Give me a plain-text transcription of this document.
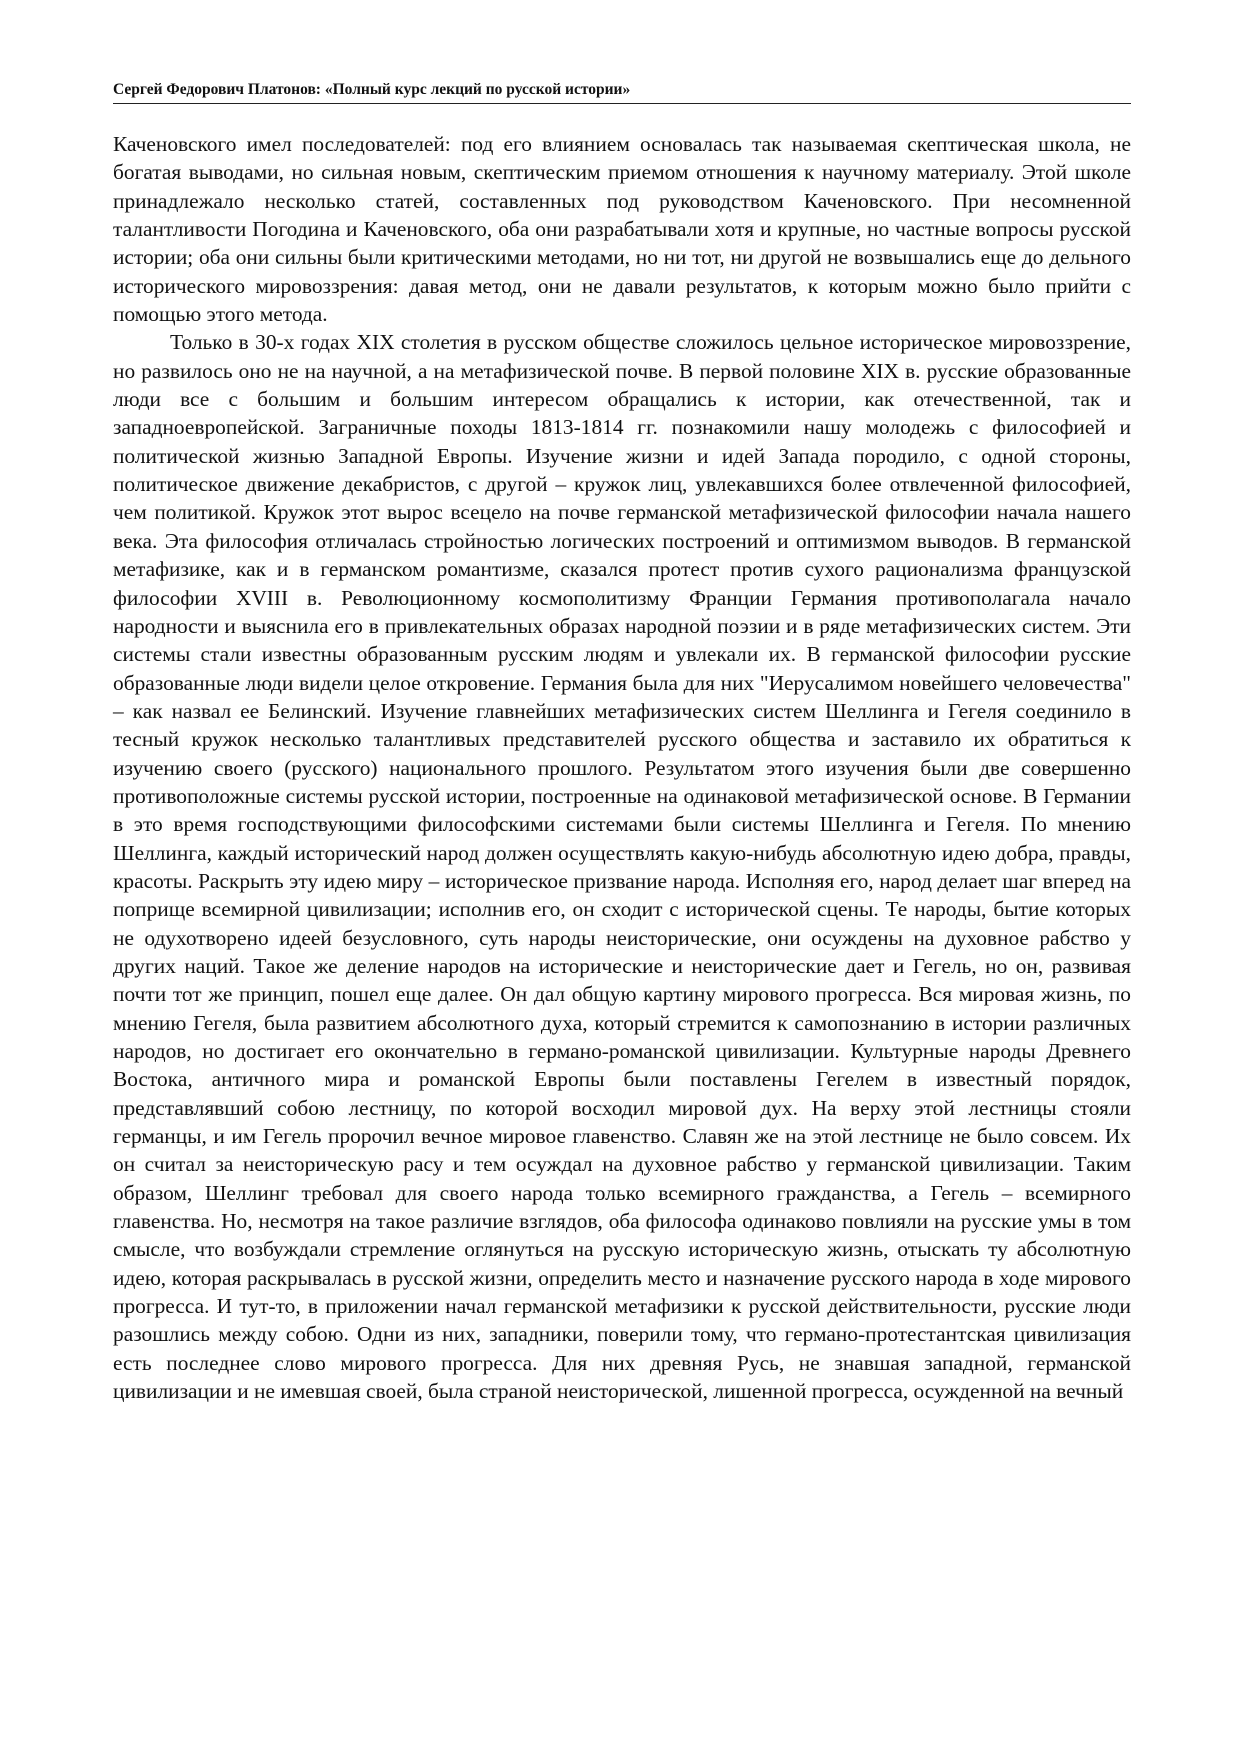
Сергей Федорович Платонов: «Полный курс лекций по русской истории»

Каченовского имел последователей: под его влиянием основалась так называемая скептическая школа, не богатая выводами, но сильная новым, скептическим приемом отношения к научному материалу. Этой школе принадлежало несколько статей, составленных под руководством Каченовского. При несомненной талантливости Погодина и Каченовского, оба они разрабатывали хотя и крупные, но частные вопросы русской истории; оба они сильны были критическими методами, но ни тот, ни другой не возвышались еще до дельного исторического мировоззрения: давая метод, они не давали результатов, к которым можно было прийти с помощью этого метода.

Только в 30-х годах XIX столетия в русском обществе сложилось цельное историческое мировоззрение, но развилось оно не на научной, а на метафизической почве. В первой половине XIX в. русские образованные люди все с большим и большим интересом обращались к истории, как отечественной, так и западноевропейской. Заграничные походы 1813-1814 гг. познакомили нашу молодежь с философией и политической жизнью Западной Европы. Изучение жизни и идей Запада породило, с одной стороны, политическое движение декабристов, с другой – кружок лиц, увлекавшихся более отвлеченной философией, чем политикой. Кружок этот вырос всецело на почве германской метафизической философии начала нашего века. Эта философия отличалась стройностью логических построений и оптимизмом выводов. В германской метафизике, как и в германском романтизме, сказался протест против сухого рационализма французской философии XVIII в. Революционному космополитизму Франции Германия противополагала начало народности и выяснила его в привлекательных образах народной поэзии и в ряде метафизических систем. Эти системы стали известны образованным русским людям и увлекали их. В германской философии русские образованные люди видели целое откровение. Германия была для них "Иерусалимом новейшего человечества" – как назвал ее Белинский. Изучение главнейших метафизических систем Шеллинга и Гегеля соединило в тесный кружок несколько талантливых представителей русского общества и заставило их обратиться к изучению своего (русского) национального прошлого. Результатом этого изучения были две совершенно противоположные системы русской истории, построенные на одинаковой метафизической основе. В Германии в это время господствующими философскими системами были системы Шеллинга и Гегеля. По мнению Шеллинга, каждый исторический народ должен осуществлять какую-нибудь абсолютную идею добра, правды, красоты. Раскрыть эту идею миру – историческое призвание народа. Исполняя его, народ делает шаг вперед на поприще всемирной цивилизации; исполнив его, он сходит с исторической сцены. Те народы, бытие которых не одухотворено идеей безусловного, суть народы неисторические, они осуждены на духовное рабство у других наций. Такое же деление народов на исторические и неисторические дает и Гегель, но он, развивая почти тот же принцип, пошел еще далее. Он дал общую картину мирового прогресса. Вся мировая жизнь, по мнению Гегеля, была развитием абсолютного духа, который стремится к самопознанию в истории различных народов, но достигает его окончательно в германо-романской цивилизации. Культурные народы Древнего Востока, античного мира и романской Европы были поставлены Гегелем в известный порядок, представлявший собою лестницу, по которой восходил мировой дух. На верху этой лестницы стояли германцы, и им Гегель пророчил вечное мировое главенство. Славян же на этой лестнице не было совсем. Их он считал за неисторическую расу и тем осуждал на духовное рабство у германской цивилизации. Таким образом, Шеллинг требовал для своего народа только всемирного гражданства, а Гегель – всемирного главенства. Но, несмотря на такое различие взглядов, оба философа одинаково повлияли на русские умы в том смысле, что возбуждали стремление оглянуться на русскую историческую жизнь, отыскать ту абсолютную идею, которая раскрывалась в русской жизни, определить место и назначение русского народа в ходе мирового прогресса. И тут-то, в приложении начал германской метафизики к русской действительности, русские люди разошлись между собою. Одни из них, западники, поверили тому, что германо-протестантская цивилизация есть последнее слово мирового прогресса. Для них древняя Русь, не знавшая западной, германской цивилизации и не имевшая своей, была страной неисторической, лишенной прогресса, осужденной на вечный
